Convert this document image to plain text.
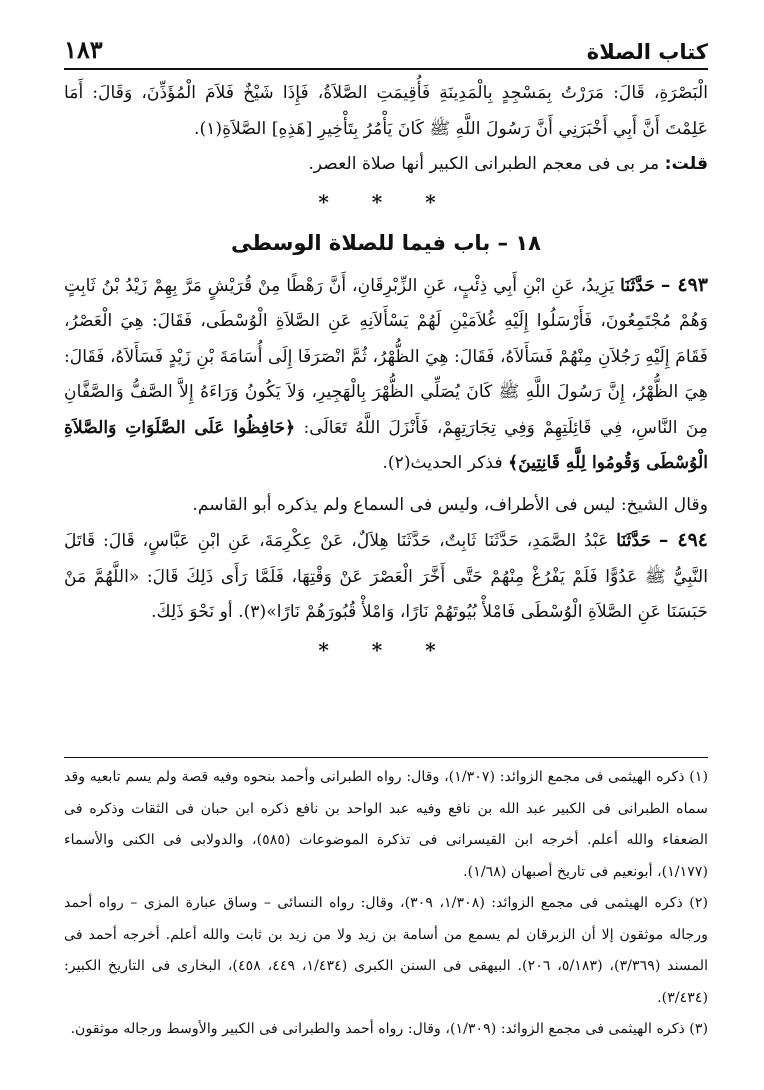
كتاب الصلاة
١٨٣

الْبَصْرَةِ، قَالَ: مَرَرْتُ بِمَسْجِدٍ بِالْمَدِينَةِ فَأُقِيمَتِ الصَّلاَةُ، فَإِذَا شَيْخٌ فَلاَمَ الْمُؤَذِّنَ، وَقَالَ: أَمَا عَلِمْتَ أَنَّ أَبِي أَخْبَرَنِي أَنَّ رَسُولَ اللَّهِ ﷺ كَانَ يَأْمُرُ بِتَأْخِيرِ [هَذِهِ] الصَّلاَةِ(١).

قلت: مر بى فى معجم الطبرانى الكبير أنها صلاة العصر.

* * *
١٨ – باب فيما للصلاة الوسطى

٤٩٣ – حَدَّثَنَا يَزِيدُ، عَنِ ابْنِ أَبِي ذِئْبٍ، عَنِ الزِّبْرِقَانِ، أَنَّ رَهْطًا مِنْ قُرَيْشٍ مَرَّ بِهِمْ زَيْدُ بْنُ ثَابِتٍ وَهُمْ مُجْتَمِعُونَ، فَأَرْسَلُوا إِلَيْهِ غُلاَمَيْنِ لَهُمْ يَسْأَلاَنِهِ عَنِ الصَّلاَةِ الْوُسْطَى، فَقَالَ: هِيَ الْعَصْرُ، فَقَامَ إِلَيْهِ رَجُلاَنِ مِنْهُمْ فَسَأَلاَهُ، فَقَالَ: هِيَ الظُّهْرُ، ثُمَّ انْصَرَفَا إِلَى أُسَامَةَ بْنِ زَيْدٍ فَسَأَلاَهُ، فَقَالَ: هِيَ الظُّهْرُ، إِنَّ رَسُولَ اللَّهِ ﷺ كَانَ يُصَلِّي الظُّهْرَ بِالْهَجِيرِ، وَلاَ يَكُونُ وَرَاءَهُ إِلاَّ الصَّفُّ وَالصَّفَّانِ مِنَ النَّاسِ، فِي قَائِلَتِهِمْ وَفِي تِجَارَتِهِمْ، فَأَنْزَلَ اللَّهُ تَعَالَى: ﴿حَافِظُوا عَلَى الصَّلَوَاتِ وَالصَّلاَةِ الْوُسْطَى وَقُومُوا لِلَّهِ قَانِتِينَ﴾ فذكر الحديث(٢).

وقال الشيخ: ليس فى الأطراف، وليس فى السماع ولم يذكره أبو القاسم.

٤٩٤ – حَدَّثَنَا عَبْدُ الصَّمَدِ، حَدَّثَنَا ثَابِتٌ، حَدَّثَنَا هِلاَلٌ، عَنْ عِكْرِمَةَ، عَنِ ابْنِ عَبَّاسٍ، قَالَ: قَاتَلَ النَّبِيُّ ﷺ عَدُوًّا فَلَمْ يَفْرُغْ مِنْهُمْ حَتَّى أَخَّرَ الْعَصْرَ عَنْ وَقْتِهَا، فَلَمَّا رَأَى ذَلِكَ قَالَ: «اللَّهُمَّ مَنْ حَبَسَنَا عَنِ الصَّلاَةِ الْوُسْطَى فَامْلأْ بُيُوتَهُمْ نَارًا، وَامْلأْ قُبُورَهُمْ نَارًا»(٣). أو نَحْوَ ذَلِكَ.

* * *

(١) ذكره الهيثمى فى مجمع الزوائد: (١/٣٠٧)، وقال: رواه الطبرانى وأحمد بنحوه وفيه قصة ولم يسم تابعيه وقد سماه الطبرانى فى الكبير عبد الله بن نافع وفيه عبد الواحد بن نافع ذكره ابن حبان فى الثقات وذكره فى الضعفاء والله أعلم. أخرجه ابن القيسرانى فى تذكرة الموضوعات (٥٨٥)، والدولابى فى الكنى والأسماء (١/١٧٧)، أبونعيم فى تاريخ أصبهان (١/٦٨).

(٢) ذكره الهيثمى فى مجمع الزوائد: (١/٣٠٨، ٣٠٩)، وقال: رواه النسائى – وساق عبارة المزى – رواه أحمد ورجاله موثقون إلا أن الزبرقان لم يسمع من أسامة بن زيد ولا من زيد بن ثابت والله أعلم. أخرجه أحمد فى المسند (٣/٣٦٩)، (٥/١٨٣، ٢٠٦). البيهقى فى السنن الكبرى (١/٤٣٤، ٤٤٩، ٤٥٨)، البخارى فى التاريخ الكبير: (٣/٤٣٤).

(٣) ذكره الهيثمى فى مجمع الزوائد: (١/٣٠٩)، وقال: رواه أحمد والطبرانى فى الكبير والأوسط ورجاله موثقون.
